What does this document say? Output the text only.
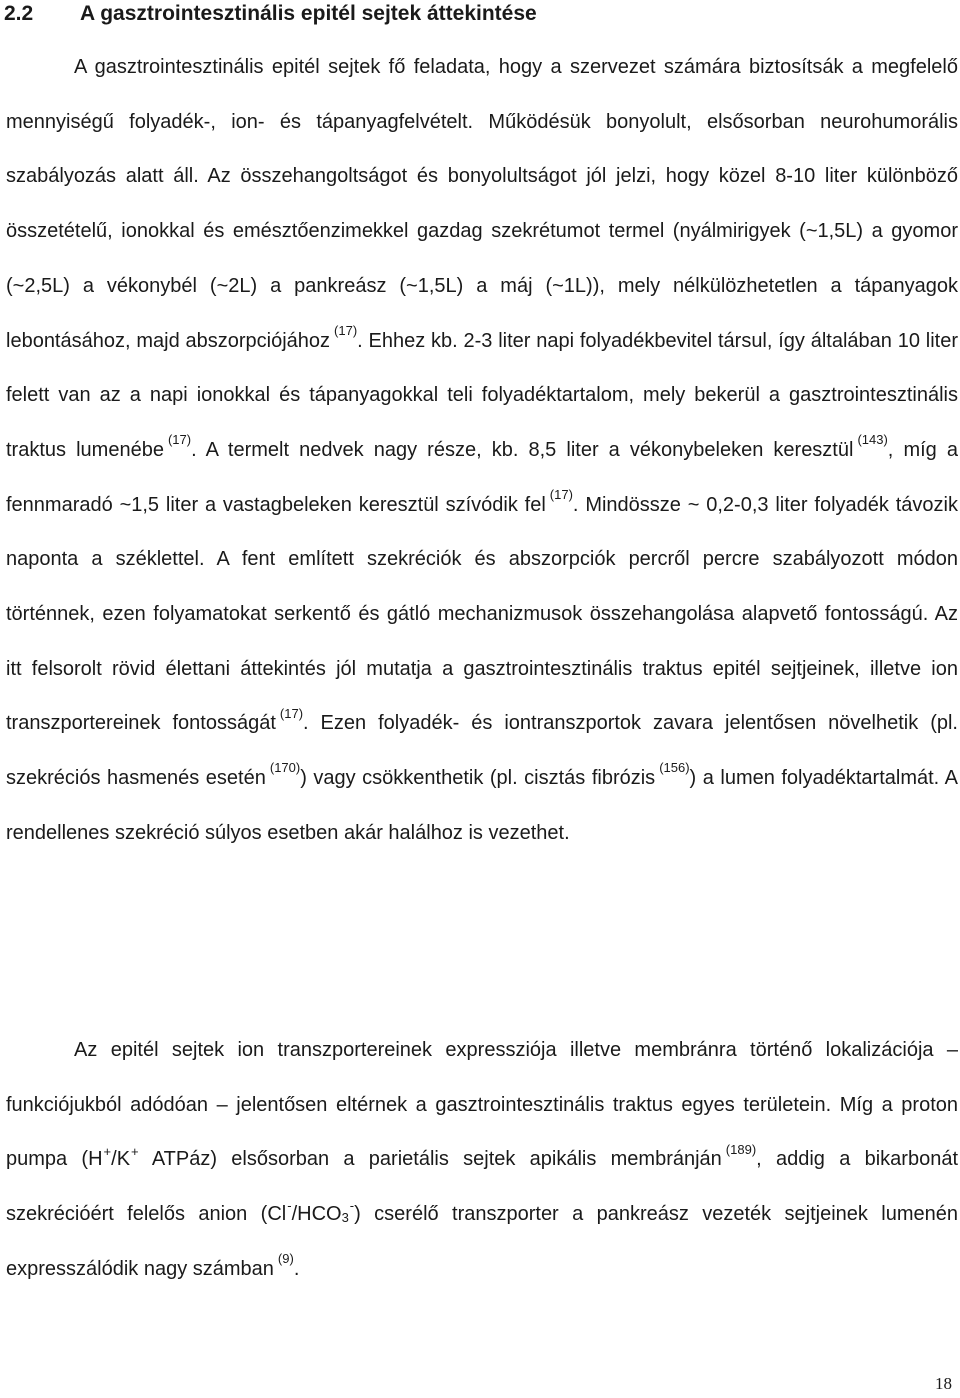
2.2 A gasztrointesztinális epitél sejtek áttekintése

A gasztrointesztinális epitél sejtek fő feladata, hogy a szervezet számára biztosítsák a megfelelő mennyiségű folyadék-, ion- és tápanyagfelvételt. Működésük bonyolult, elsősorban neurohumorális szabályozás alatt áll. Az összehangoltságot és bonyolultságot jól jelzi, hogy közel 8-10 liter különböző összetételű, ionokkal és emésztőenzimekkel gazdag szekrétumot termel (nyálmirigyek (~1,5L) a gyomor (~2,5L) a vékonybél (~2L) a pankreász (~1,5L) a máj (~1L)), mely nélkülözhetetlen a tápanyagok lebontásához, majd abszorpciójához $^{(17)}$. Ehhez kb. 2-3 liter napi folyadékbevitel társul, így általában 10 liter felett van az a napi ionokkal és tápanyagokkal teli folyadéktartalom, mely bekerül a gasztrointesztinális traktus lumenébe $^{(17)}$. A termelt nedvek nagy része, kb. 8,5 liter a vékonybeleken keresztül $^{(143)}$, míg a fennmaradó ~1,5 liter a vastagbeleken keresztül szívódik fel $^{(17)}$. Mindössze ~ 0,2-0,3 liter folyadék távozik naponta a széklettel. A fent említett szekréciók és abszorpciók percről percre szabályozott módon történnek, ezen folyamatokat serkentő és gátló mechanizmusok összehangolása alapvető fontosságú. Az itt felsorolt rövid élettani áttekintés jól mutatja a gasztrointesztinális traktus epitél sejtjeinek, illetve ion transzportereinek fontosságát $^{(17)}$. Ezen folyadék- és iontranszportok zavara jelentősen növelhetik (pl. szekréciós hasmenés esetén $^{(170)}$) vagy csökkenthetik (pl. cisztás fibrózis $^{(156)}$) a lumen folyadéktartalmát. A rendellenes szekréció súlyos esetben akár halálhoz is vezethet.

Az epitél sejtek ion transzportereinek expressziója illetve membránra történő lokalizációja – funkciójukból adódóan – jelentősen eltérnek a gasztrointesztinális traktus egyes területein. Míg a proton pumpa (H+/K+ ATPáz) elsősorban a parietális sejtek apikális membránján $^{(189)}$, addig a bikarbonát szekrécióért felelős anion $(Cl^-/HCO_3^-)$ cserélő transzporter a pankreász vezeték sejtjeinek lumenén expresszálódik nagy számban $^{(9)}$.

18
